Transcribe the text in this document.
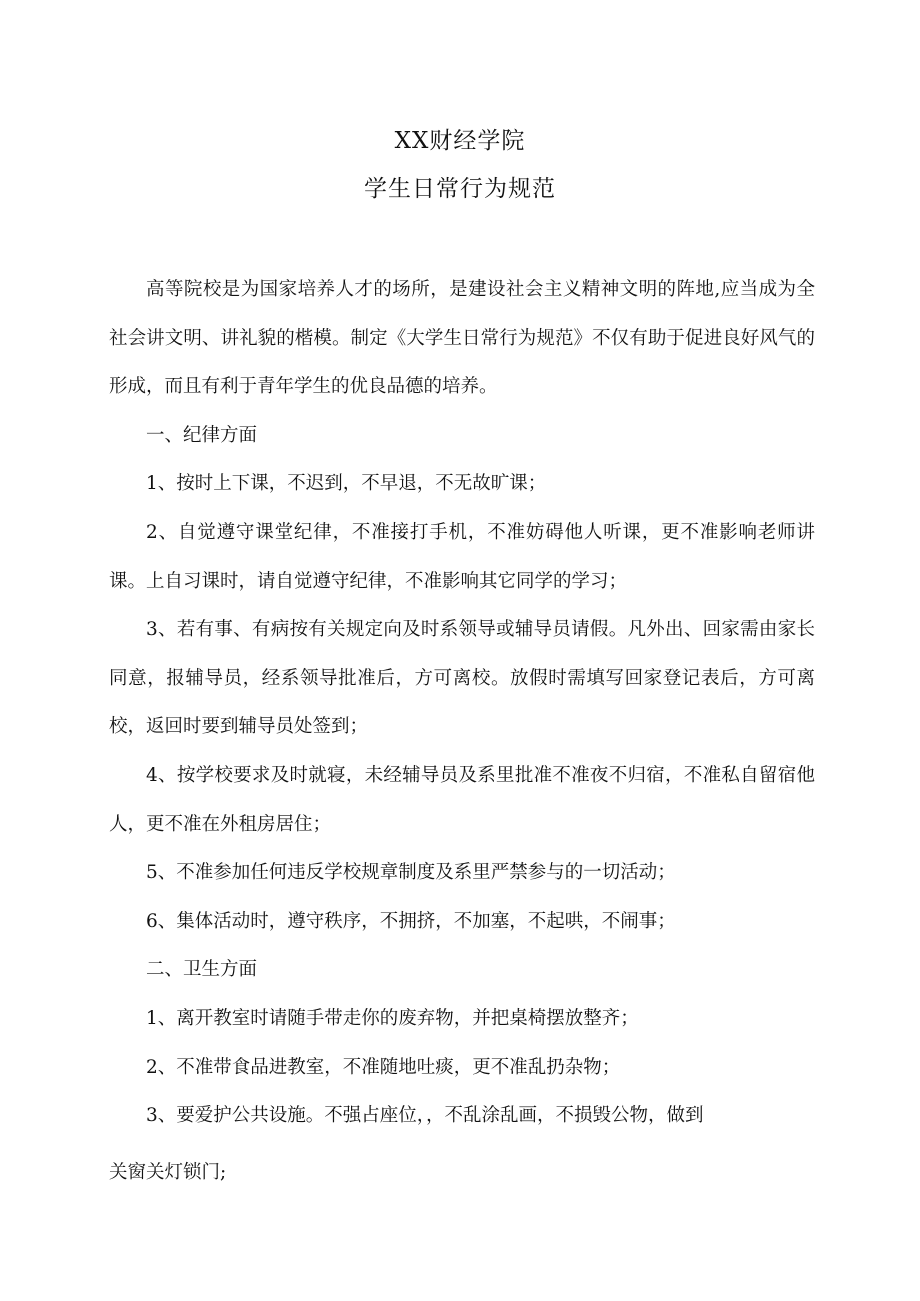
XX财经学院
学生日常行为规范

高等院校是为国家培养人才的场所，是建设社会主义精神文明的阵地,应当成为全社会讲文明、讲礼貌的楷模。制定《大学生日常行为规范》不仅有助于促进良好风气的形成，而且有利于青年学生的优良品德的培养。

一、纪律方面

1、按时上下课，不迟到，不早退，不无故旷课；

2、自觉遵守课堂纪律，不准接打手机，不准妨碍他人听课，更不准影响老师讲课。上自习课时，请自觉遵守纪律，不准影响其它同学的学习；

3、若有事、有病按有关规定向及时系领导或辅导员请假。凡外出、回家需由家长同意，报辅导员，经系领导批准后，方可离校。放假时需填写回家登记表后，方可离校，返回时要到辅导员处签到；

4、按学校要求及时就寝，未经辅导员及系里批准不准夜不归宿，不准私自留宿他人，更不准在外租房居住；

5、不准参加任何违反学校规章制度及系里严禁参与的一切活动；

6、集体活动时，遵守秩序，不拥挤，不加塞，不起哄，不闹事；

二、卫生方面

1、离开教室时请随手带走你的废弃物，并把桌椅摆放整齐；

2、不准带食品进教室，不准随地吐痰，更不准乱扔杂物；

3、要爱护公共设施。不强占座位，，不乱涂乱画，不损毁公物，做到

关窗关灯锁门;
